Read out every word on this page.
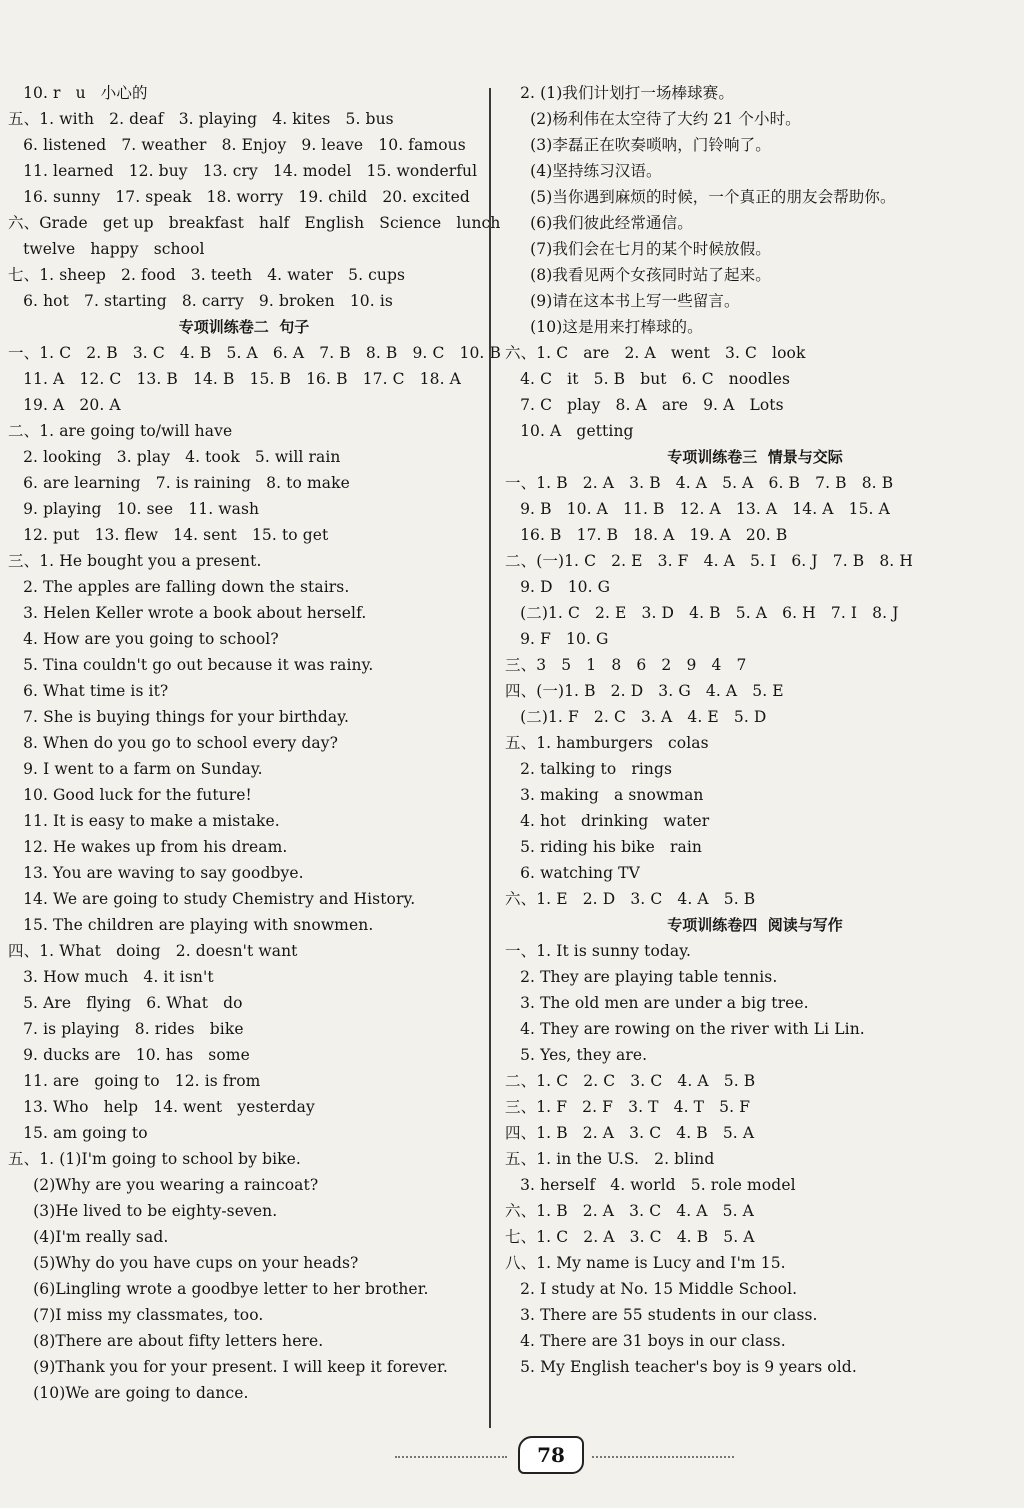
10. r   u   小心的
五、1. with   2. deaf   3. playing   4. kites   5. bus
6. listened   7. weather   8. Enjoy   9. leave   10. famous
11. learned   12. buy   13. cry   14. model   15. wonderful
16. sunny   17. speak   18. worry   19. child   20. excited
六、Grade   get up   breakfast   half   English   Science   lunch
twelve   happy   school
七、1. sheep   2. food   3. teeth   4. water   5. cups
6. hot   7. starting   8. carry   9. broken   10. is
专项训练卷二  句子
一、1. C   2. B   3. C   4. B   5. A   6. A   7. B   8. B   9. C   10. B
11. A   12. C   13. B   14. B   15. B   16. B   17. C   18. A
19. A   20. A
二、1. are going to/will have
2. looking   3. play   4. took   5. will rain
6. are learning   7. is raining   8. to make
9. playing   10. see   11. wash
12. put   13. flew   14. sent   15. to get
三、1. He bought you a present.
2. The apples are falling down the stairs.
3. Helen Keller wrote a book about herself.
4. How are you going to school?
5. Tina couldn't go out because it was rainy.
6. What time is it?
7. She is buying things for your birthday.
8. When do you go to school every day?
9. I went to a farm on Sunday.
10. Good luck for the future!
11. It is easy to make a mistake.
12. He wakes up from his dream.
13. You are waving to say goodbye.
14. We are going to study Chemistry and History.
15. The children are playing with snowmen.
四、1. What   doing   2. doesn't want
3. How much   4. it isn't
5. Are   flying   6. What   do
7. is playing   8. rides   bike
9. ducks are   10. has   some
11. are   going to   12. is from
13. Who   help   14. went   yesterday
15. am going to
五、1. (1)I'm going to school by bike.
(2)Why are you wearing a raincoat?
(3)He lived to be eighty-seven.
(4)I'm really sad.
(5)Why do you have cups on your heads?
(6)Lingling wrote a goodbye letter to her brother.
(7)I miss my classmates, too.
(8)There are about fifty letters here.
(9)Thank you for your present. I will keep it forever.
(10)We are going to dance.
2. (1)我们计划打一场棒球赛。
(2)杨利伟在太空待了大约 21 个小时。
(3)李磊正在吹奏唢呐，门铃响了。
(4)坚持练习汉语。
(5)当你遇到麻烦的时候，一个真正的朋友会帮助你。
(6)我们彼此经常通信。
(7)我们会在七月的某个时候放假。
(8)我看见两个女孩同时站了起来。
(9)请在这本书上写一些留言。
(10)这是用来打棒球的。
六、1. C   are   2. A   went   3. C   look
4. C   it   5. B   but   6. C   noodles
7. C   play   8. A   are   9. A   Lots
10. A   getting
专项训练卷三  情景与交际
一、1. B   2. A   3. B   4. A   5. A   6. B   7. B   8. B
9. B   10. A   11. B   12. A   13. A   14. A   15. A
16. B   17. B   18. A   19. A   20. B
二、(一)1. C   2. E   3. F   4. A   5. I   6. J   7. B   8. H
9. D   10. G
(二)1. C   2. E   3. D   4. B   5. A   6. H   7. I   8. J
9. F   10. G
三、3   5   1   8   6   2   9   4   7
四、(一)1. B   2. D   3. G   4. A   5. E
(二)1. F   2. C   3. A   4. E   5. D
五、1. hamburgers   colas
2. talking to   rings
3. making   a snowman
4. hot   drinking   water
5. riding his bike   rain
6. watching TV
六、1. E   2. D   3. C   4. A   5. B
专项训练卷四  阅读与写作
一、1. It is sunny today.
2. They are playing table tennis.
3. The old men are under a big tree.
4. They are rowing on the river with Li Lin.
5. Yes, they are.
二、1. C   2. C   3. C   4. A   5. B
三、1. F   2. F   3. T   4. T   5. F
四、1. B   2. A   3. C   4. B   5. A
五、1. in the U.S.   2. blind
3. herself   4. world   5. role model
六、1. B   2. A   3. C   4. A   5. A
七、1. C   2. A   3. C   4. B   5. A
八、1. My name is Lucy and I'm 15.
2. I study at No. 15 Middle School.
3. There are 55 students in our class.
4. There are 31 boys in our class.
5. My English teacher's boy is 9 years old.
78
